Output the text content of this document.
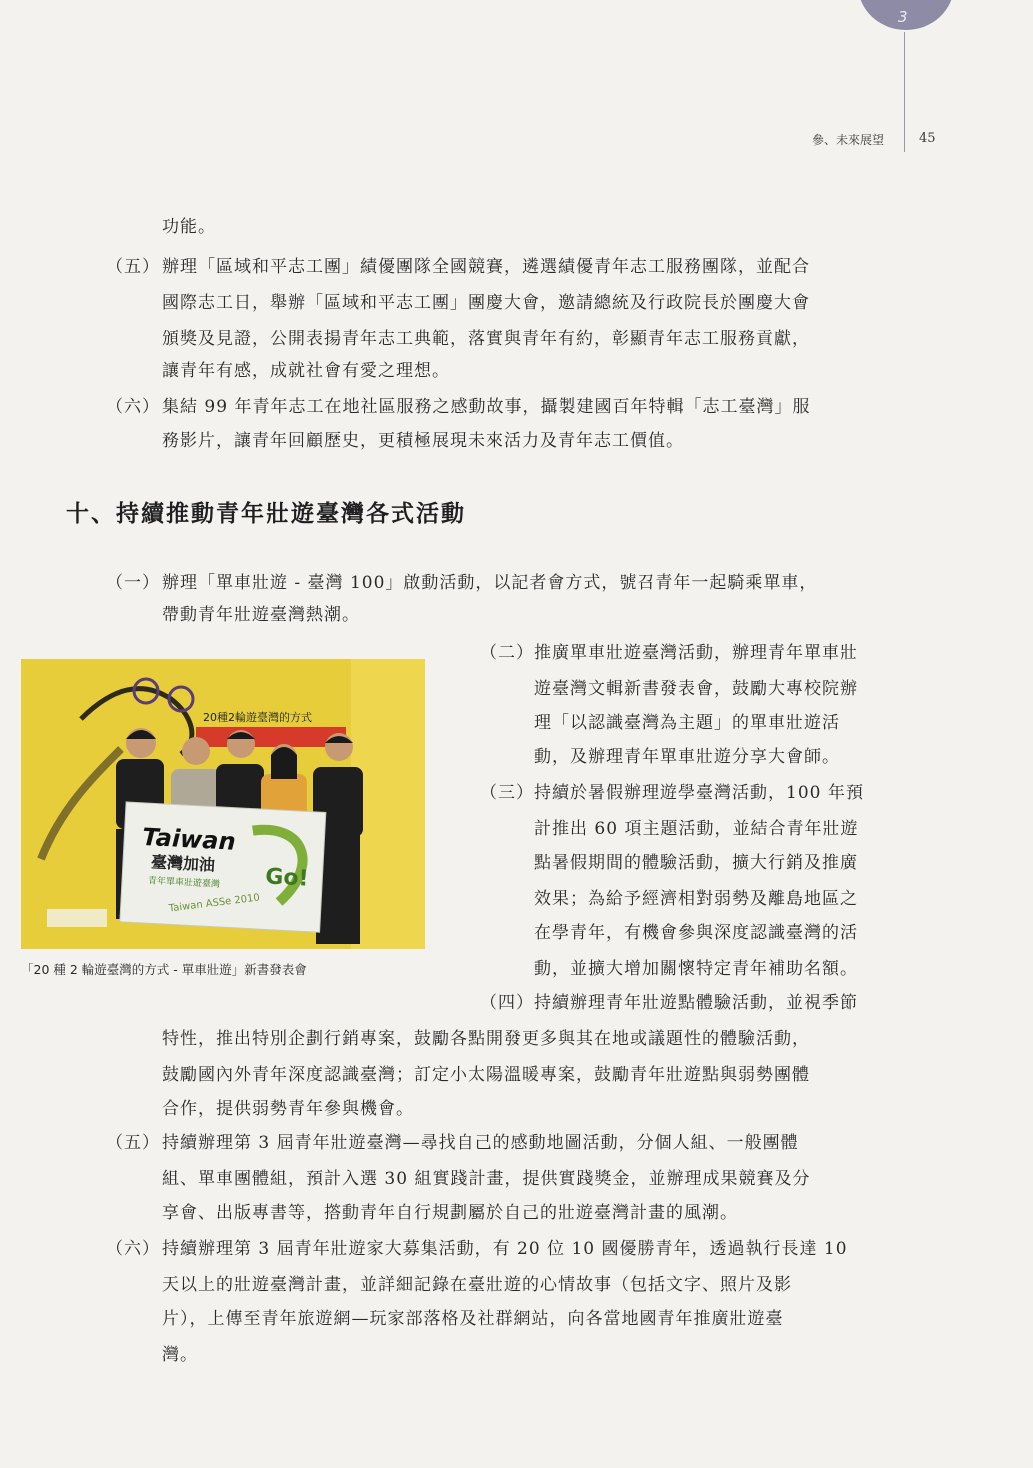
3
參、未來展望	45
功能。
（五） 辦理「區域和平志工團」績優團隊全國競賽，遴選績優青年志工服務團隊，並配合
國際志工日，舉辦「區域和平志工團」團慶大會，邀請總統及行政院長於團慶大會
頒獎及見證，公開表揚青年志工典範，落實與青年有約，彰顯青年志工服務貢獻，
讓青年有感，成就社會有愛之理想。
（六） 集結 99 年青年志工在地社區服務之感動故事，攝製建國百年特輯「志工臺灣」服
務影片，讓青年回顧歷史，更積極展現未來活力及青年志工價值。
十、持續推動青年壯遊臺灣各式活動
（一） 辦理「單車壯遊 - 臺灣 100」啟動活動，以記者會方式，號召青年一起騎乘單車，
帶動青年壯遊臺灣熱潮。
20種2輪遊臺灣的方式
Taiwan
臺灣加油
Go!
青年單車壯遊臺灣
Taiwan ASSe 2010
「20 種 2 輪遊臺灣的方式 - 單車壯遊」新書發表會
（二） 推廣單車壯遊臺灣活動，辦理青年單車壯
遊臺灣文輯新書發表會，鼓勵大專校院辦
理「以認識臺灣為主題」的單車壯遊活
動，及辦理青年單車壯遊分享大會師。
（三） 持續於暑假辦理遊學臺灣活動，100 年預
計推出 60 項主題活動，並結合青年壯遊
點暑假期間的體驗活動，擴大行銷及推廣
效果；為給予經濟相對弱勢及離島地區之
在學青年，有機會參與深度認識臺灣的活
動，並擴大增加關懷特定青年補助名額。
（四） 持續辦理青年壯遊點體驗活動，並視季節
特性，推出特別企劃行銷專案，鼓勵各點開發更多與其在地或議題性的體驗活動，
鼓勵國內外青年深度認識臺灣；訂定小太陽溫暖專案，鼓勵青年壯遊點與弱勢團體
合作，提供弱勢青年參與機會。
（五） 持續辦理第 3 屆青年壯遊臺灣—尋找自己的感動地圖活動，分個人組、一般團體
組、單車團體組，預計入選 30 組實踐計畫，提供實踐獎金，並辦理成果競賽及分
享會、出版專書等，撘動青年自行規劃屬於自己的壯遊臺灣計畫的風潮。
（六） 持續辦理第 3 屆青年壯遊家大募集活動，有 20 位 10 國優勝青年，透過執行長達 10
天以上的壯遊臺灣計畫，並詳細記錄在臺壯遊的心情故事（包括文字、照片及影
片），上傳至青年旅遊網—玩家部落格及社群網站，向各當地國青年推廣壯遊臺
灣。
